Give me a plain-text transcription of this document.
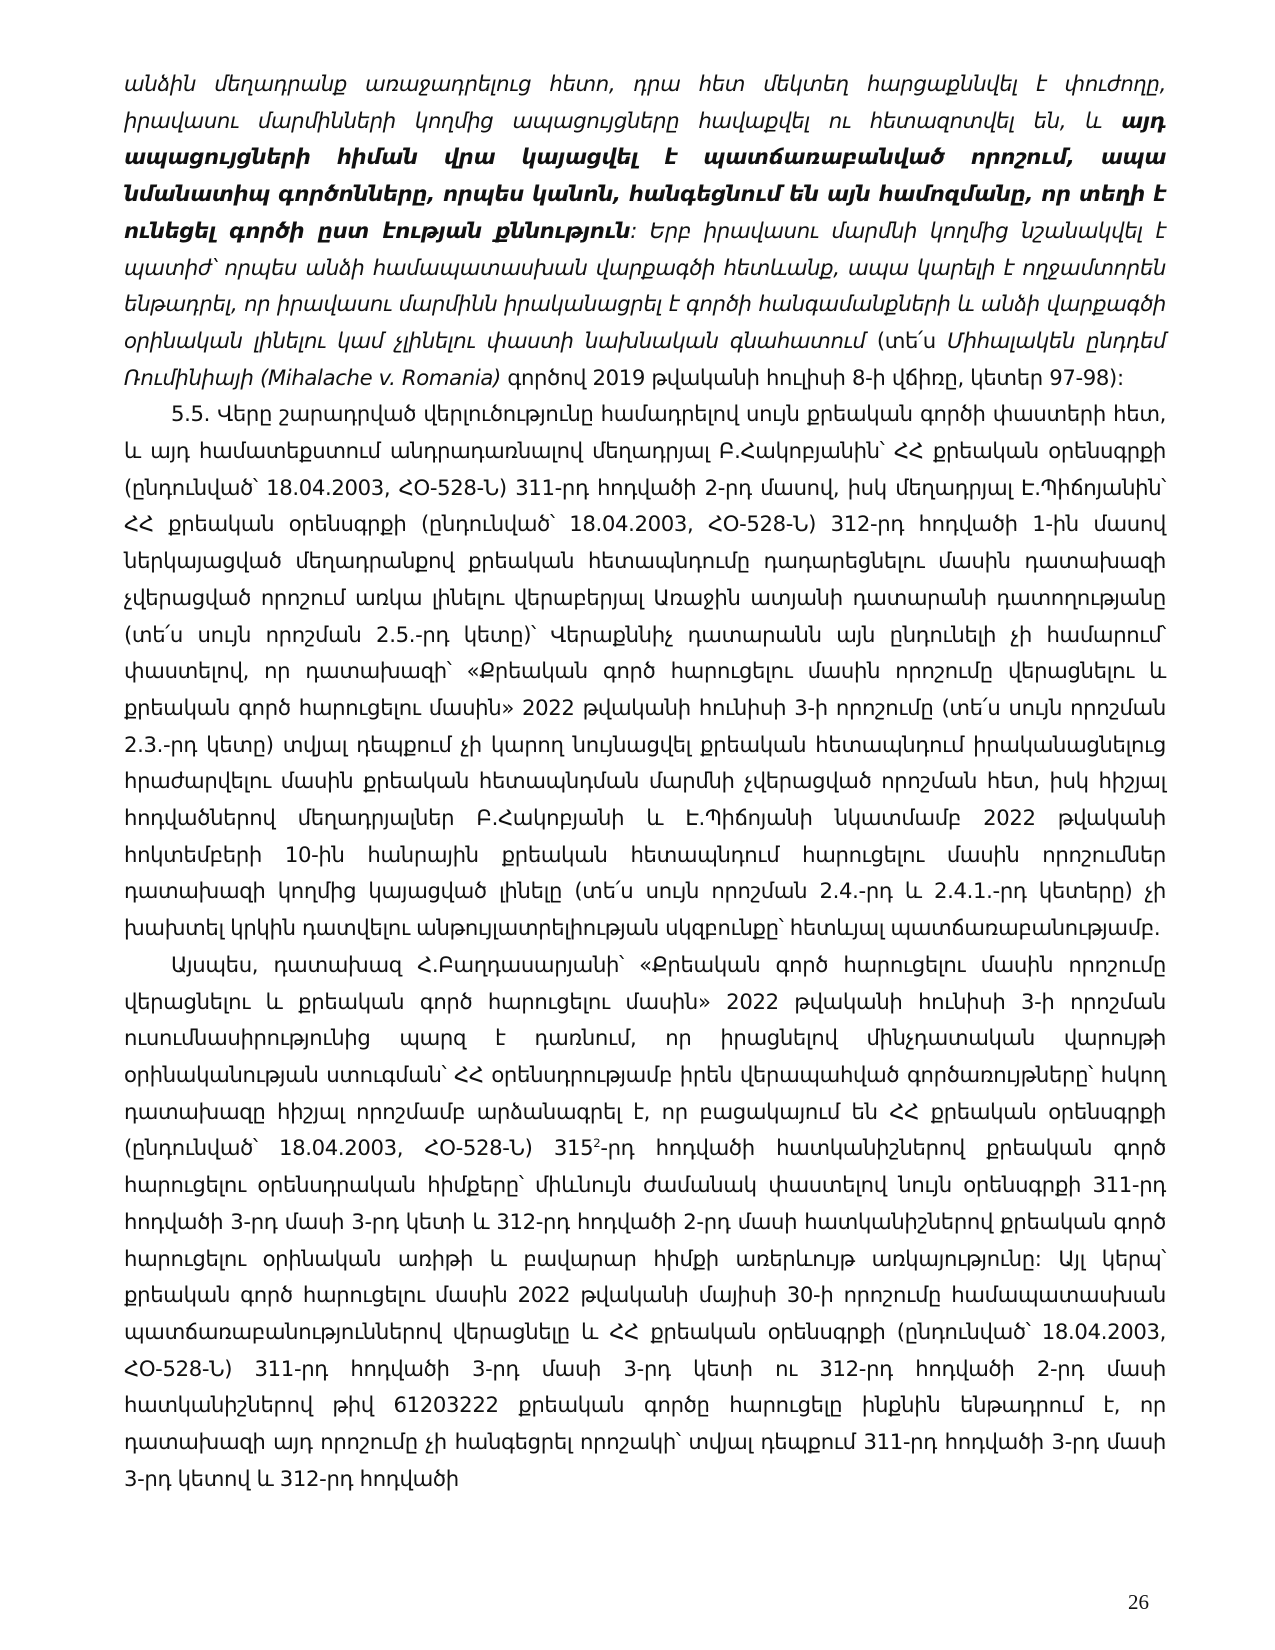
անձին մեղադրանք առաջադրելուց հետո, դրա հետ մեկտեղ հարցաքննվել է փուժողը, իրավասու մարմինների կողմից ապացույցները հավաքվել ու հետազոտվել են, և այդ ապացույցների հիման վրա կայացվել է պատճառաբանված որոշում, ապա նմանատիպ գործոնները, որպես կանոն, հանգեցնում են այն համոզմանը, որ տեղի է ունեցել գործի ըստ էության քննություն: Երբ իրավասու մարմնի կողմից նշանակվել է պատիժ՝ որպես անձի համապատասխան վարքագծի հետևանք, ապա կարելի է ողջամտորեն ենթադրել, որ իրավասու մարմինն իրականացրել է գործի հանգամանքների և անձի վարքագծի օրինական լինելու կամ չլինելու փաստի նախնական գնահատում (տե՛ս Միհալակեն ընդդեմ Ռումինիայի (Mihalache v. Romania) գործով 2019 թվականի հուլիսի 8-ի վճիռը, կետեր 97-98):

5.5. Վերը շարադրված վերլուծությունը համադրելով սույն քրեական գործի փաստերի հետ, և այդ համատեքստում անդրադառնալով մեղադրյալ Բ.Հակոբյանին՝ ՀՀ քրեական օրենսգրքի (ընդունված՝ 18.04.2003, ՀՕ-528-Ն) 311-րդ հոդվածի 2-րդ մասով, իսկ մեղադրյալ Է.Պիճոյանին՝ ՀՀ քրեական օրենսգրքի (ընդունված՝ 18.04.2003, ՀՕ-528-Ն) 312-րդ հոդվածի 1-ին մասով ներկայացված մեղադրանքով քրեական հետապնդումը դադարեցնելու մասին դատախազի չվերացված որոշում առկա լինելու վերաբերյալ Առաջին ատյանի դատարանի դատողությանը (տե՛ս սույն որոշման 2.5.-րդ կետը)՝ Վերաքննիչ դատարանն այն ընդունելի չի համարում՝ փաստելով, որ դատախազի՝ «Քրեական գործ հարուցելու մասին որոշումը վերացնելու և քրեական գործ հարուցելու մասին» 2022 թվականի հունիսի 3-ի որոշումը (տե՛ս սույն որոշման 2.3.-րդ կետը) տվյալ դեպքում չի կարող նույնացվել քրեական հետապնդում իրականացնելուց հրաժարվելու մասին քրեական հետապնդման մարմնի չվերացված որոշման հետ, իսկ հիշյալ հոդվածներով մեղադրյալներ Բ.Հակոբյանի և Է.Պիճոյանի նկատմամբ 2022 թվականի հոկտեմբերի 10-ին հանրային քրեական հետապնդում հարուցելու մասին որոշումներ դատախազի կողմից կայացված լինելը (տե՛ս սույն որոշման 2.4.-րդ և 2.4.1.-րդ կետերը) չի խախտել կրկին դատվելու անթույլատրելիության սկզբունքը՝ հետևյալ պատճառաբանությամբ.

Այսպես, դատախազ Հ.Բաղդասարյանի՝ «Քրեական գործ հարուցելու մասին որոշումը վերացնելու և քրեական գործ հարուցելու մասին» 2022 թվականի հունիսի 3-ի որոշման ուսումնասիրությունից պարզ է դառնում, որ իրացնելով մինչդատական վարույթի օրինականության ստուգման՝ ՀՀ օրենսդրությամբ իրեն վերապահված գործառույթները՝ հսկող դատախազը հիշյալ որոշմամբ արձանագրել է, որ բացակայում են ՀՀ քրեական օրենսգրքի (ընդունված՝ 18.04.2003, ՀՕ-528-Ն) $315^2-րդ$ հոդվածի հատկանիշներով քրեական գործ հարուցելու օրենսդրական հիմքերը՝ միևնույն ժամանակ փաստելով նույն օրենսգրքի 311-րդ հոդվածի 3-րդ մասի 3-րդ կետի և 312-րդ հոդվածի 2-րդ մասի հատկանիշներով քրեական գործ հարուցելու օրինական առիթի և բավարար հիմքի առերևույթ առկայությունը: Այլ կերպ՝ քրեական գործ հարուցելու մասին 2022 թվականի մայիսի 30-ի որոշումը համապատասխան պատճառաբանություններով վերացնելը և ՀՀ քրեական օրենսգրքի (ընդունված՝ 18.04.2003, ՀՕ-528-Ն) 311-րդ հոդվածի 3-րդ մասի 3-րդ կետի ու 312-րդ հոդվածի 2-րդ մասի հատկանիշներով թիվ 61203222 քրեական գործը հարուցելը ինքնին ենթադրում է, որ դատախազի այդ որոշումը չի հանգեցրել որոշակի՝ տվյալ դեպքում 311-րդ հոդվածի 3-րդ մասի 3-րդ կետով և 312-րդ հոդվածի

26
